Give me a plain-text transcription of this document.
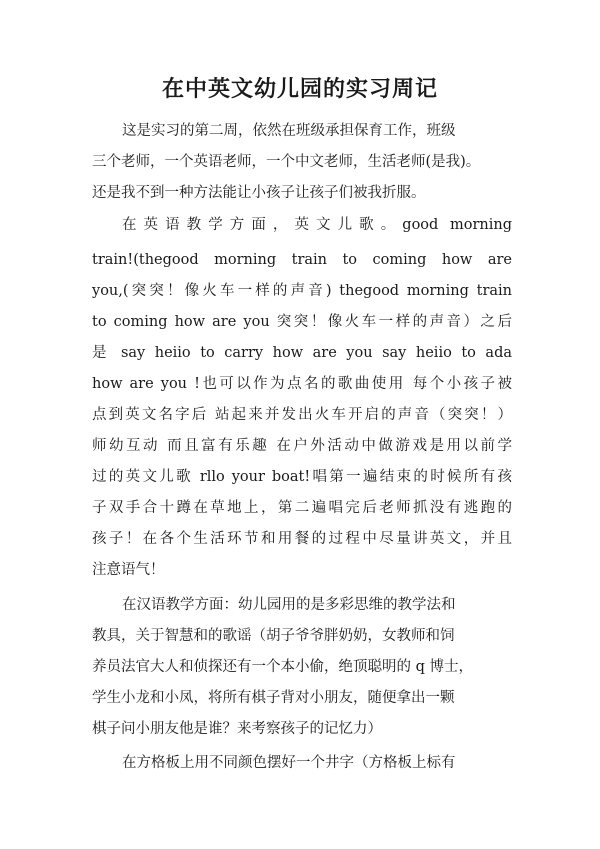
在中英文幼儿园的实习周记
这是实习的第二周，依然在班级承担保育工作，班级
三个老师，一个英语老师，一个中文老师，生活老师(是我)。
还是我不到一种方法能让小孩子让孩子们被我折服。
在英语教学方面，英文儿歌。good morning
train!(thegood morning train to coming how are
you,(突突！像火车一样的声音) thegood morning train
to coming how are you 突突！像火车一样的声音）之后
是 say heiio to carry how are you say heiio to ada
how are you !也可以作为点名的歌曲使用 每个小孩子被
点到英文名字后 站起来并发出火车开启的声音（突突！）
师幼互动 而且富有乐趣 在户外活动中做游戏是用以前学
过的英文儿歌 rllo your boat!唱第一遍结束的时候所有孩
子双手合十蹲在草地上，第二遍唱完后老师抓没有逃跑的
孩子！在各个生活环节和用餐的过程中尽量讲英文，并且
注意语气！
在汉语教学方面：幼儿园用的是多彩思维的教学法和
教具，关于智慧和的歌谣（胡子爷爷胖奶奶，女教师和饲
养员法官大人和侦探还有一个本小偷，绝顶聪明的 q 博士，
学生小龙和小凤，将所有棋子背对小朋友，随便拿出一颗
棋子问小朋友他是谁？来考察孩子的记忆力）
在方格板上用不同颜色摆好一个井字（方格板上标有
